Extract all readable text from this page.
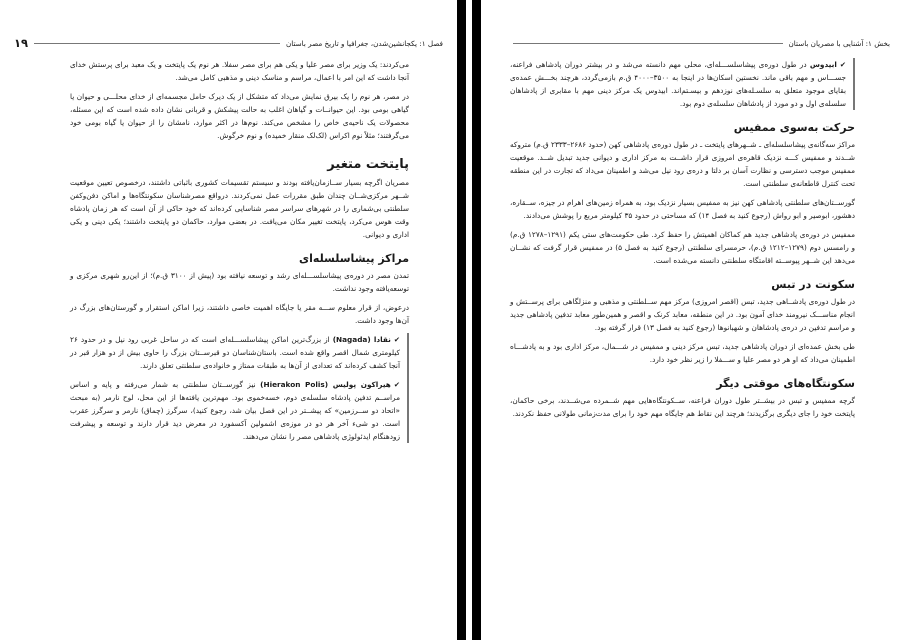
فصل ۱: یکجانشین‌شدن، جغرافیا و تاریخ مصر باستان
۱۹

می‌کردند: یک وزیر برای مصر علیا و یکی هم برای مصر سفلا. هر نوم یک پایتخت و یک معبد برای پرستش خدای آنجا داشت که این امر با اعمال، مراسم و مناسک دینی و مذهبی کامل می‌شد.

در مصر، هر نوم را یک بیرق نمایش می‌داد که متشکل از یک دیرک حامل مجسمه‌ای از خدای محلـــی و حیوان یا گیاهی بومی بود. این حیوانــات و گیاهان اغلب به حالت پیشکش و قربانی نشان داده شده است که این مسئله، محصولات یک ناحیه‌ی خاص را مشخص می‌کند. نوم‌ها در اکثر موارد، نامشان را از حیوان یا گیاه بومی خود می‌گرفتند؛ مثلاً نوم اکراس (لک‌لک منقار خمیده) و نوم خرگوش.

پایتخت متغیر

مصریان اگرچه بسیار ســازمان‌یافته بودند و سیستم تقسیمات کشوری باثباتی داشتند، درخصوص تعیین موقعیت شــهر مرکزی‌شــان چندان طبق مقررات عمل نمی‌کردند. درواقع مصرشناسان سکونتگاه‌ها و اماکن دفن‌وکفن سلطنتی بی‌شماری را در شهرهای سراسر مصر شناسایی کرده‌اند که خود حاکی از آن است که هر زمان پادشاه وقت هوس می‌کرد، پایتخت تغییر مکان می‌یافت. در بعضی موارد، حاکمان دو پایتخت داشتند؛ یکی دینی و یکی اداری و دیوانی.

مراکز پیشاسلسله‌ای

تمدن مصر در دوره‌ی پیشاسلســـله‌ای رشد و توسعه نیافته بود (پیش از ۳۱۰۰ ق.م)؛ از این‌رو شهری مرکزی و توسعه‌یافته وجود نداشت.

درعوض، از قرار معلوم ســـه مقر یا جایگاه اهمیت خاصی داشتند، زیرا اماکن استقرار و گورستان‌های بزرگ در آن‌ها وجود داشت.

✔نقادا (Nagada) از بزرگ‌ترین اماکن پیشاسلســـله‌ای است که در ساحل غربی رود نیل و در حدود ۲۶ کیلومتری شمال اقصر واقع شده است. باستان‌شناسان دو قبرســتان بزرگ را حاوی بیش از دو هزار قبر در آنجا کشف کرده‌اند که تعدادی از آن‌ها به طبقات ممتاز و خانواده‌ی سلطنتی تعلق دارند.

✔هیراکون پولیس (Hierakon Polis) نیز گورســتان سلطنتی به شمار می‌رفته و پایه و اساس مراســم تدفین پادشاه سلسله‌ی دوم، خسه‌خموی بود. مهم‌ترین یافته‌ها از این محل، لوح نارمر (به مبحث «اتحاد دو ســرزمین» که پیشــتر در این فصل بیان شد، رجوع کنید)، سرگرز (چماق) نارمر و سرگرز عقرب است. دو شیء آخر هر دو در موزه‌ی اشمولین آکسفورد در معرض دید قرار دارند و توسعه و پیشرفت زودهنگام ایدئولوژی پادشاهی مصر را نشان می‌دهند.

بخش ۱: آشنایی با مصریان باستان

✔ابیدوس در طول دوره‌ی پیشاسلســـله‌ای، محلی مهم دانسته می‌شد و در بیشتر دوران پادشاهی فراعنه، جســـاس و مهم باقی ماند. نخستین اسکان‌ها در اینجا به ۳۵۰۰–۴۰۰۰ ق.م بازمی‌گردد، هرچند بخـــش عمده‌ی بقایای موجود متعلق به سلسـله‌های نوزدهم و بیسـتم‌اند. ابیدوس یک مرکز دینی مهم با مقابری از پادشاهان سلسله‌ی اول و دو مورد از پادشاهان سلسله‌ی دوم بود.

حرکت به‌سوی ممفیس

مراکز سه‌گانه‌ی پیشاسلسله‌ای ـ شــهرهای پایتخت ـ در طول دوره‌ی پادشاهی کهن (حدود ۲۶۸۶–۲۳۳۳ ق.م) متروکه شــدند و ممفیس کـــه نزدیک قاهره‌ی امروزی قرار داشــت به مرکز اداری و دیوانی جدید تبدیل شــد. موقعیت ممفیس موجب دسترسی و نظارت آسان بر دلتا و دره‌ی رود نیل می‌شد و اطمینان می‌داد که تجارت در این منطقه تحت کنترل قاطعانه‌ی سلطنتی است.

گورســتان‌های سلطنتی پادشاهی کهن نیز به ممفیس بسیار نزدیک بود، به همراه زمین‌های اهرام در جیزه، ســقاره، دهشور، ابوصیر و ابو رواش (رجوع کنید به فصل ۱۴) که مساحتی در حدود ۳۵ کیلومتر مربع را پوشش می‌دادند.

ممفیس در دوره‌ی پادشاهی جدید هم کماکان اهمیتش را حفظ کرد. طی حکومت‌های ستی یکم (۱۲۹۱–۱۲۷۸ ق.م) و رامسس دوم (۱۲۷۹–۱۲۱۲ ق.م)، حرمسرای سلطنتی (رجوع کنید به فصل ۵) در ممفیس قرار گرفت که نشــان می‌دهد این شــهر پیوســته اقامتگاه سلطنتی دانسته می‌شده است.

سکونت در تبس

در طول دوره‌ی پادشــاهی جدید، تبس (اقصر امروزی) مرکز مهم ســلطنتی و مذهبی و منزلگاهی برای پرســتش و انجام مناســـک نیرومند خدای آمون بود. در این منطقه، معابد کرنک و اقصر و همین‌طور معابد تدفین پادشاهی جدید و مراسم تدفین در دره‌ی پادشاهان و شهبانوها (رجوع کنید به فصل ۱۳) قرار گرفته بود.

طی بخش عمده‌ای از دوران پادشاهی جدید، تبس مرکز دینی و ممفیس در شـــمال، مرکز اداری بود و به پادشـــاه اطمینان می‌داد که او هر دو مصر علیا و ســـفلا را زیر نظر خود دارد.

سکونتگاه‌های موقتی دیگر

گرچه ممفیس و تبس در بیشــتر طول دوران فراعنه، ســکونتگاه‌هایی مهم شــمرده می‌شــدند، برخی حاکمان، پایتخت خود را جای دیگری برگزیدند؛ هرچند این نقاط هم جایگاه مهم خود را برای مدت‌زمانی طولانی حفظ نکردند.
